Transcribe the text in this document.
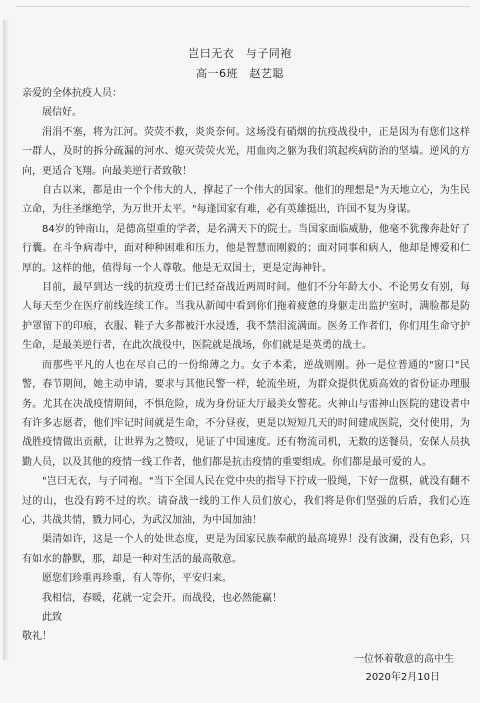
岂曰无衣　与子同袍
高一6班　赵艺聪

亲爱的全体抗疫人员：

展信好。

涓涓不塞，将为江河。荧荧不救，炎炎奈何。这场没有硝烟的抗疫战役中，正是因为有您们这样一群人，及时的拆分疏漏的河水、熄灭荧荧火光，用血肉之躯为我们筑起疾病防治的坚墙。逆风的方向，更适合飞翔。向最美逆行者致敬！

自古以来，都是由一个个伟大的人，撑起了一个伟大的国家。他们的理想是"为天地立心，为生民立命，为往圣继绝学，为万世开太平。"每逢国家有难，必有英雄挺出，许国不复为身谋。

84岁的钟南山，是德高望重的学者，是名满天下的院士。当国家面临威胁，他毫不犹豫奔赴好了行囊。在斗争病毒中，面对种种困难和压力，他是智慧而刚毅的；面对同事和病人，他却是博爱和仁厚的。这样的他，值得每一个人尊敬。他是无双国士，更是定海神针。

目前，最早到达一线的抗疫勇士们已经奋战近两周时间。他们不分年龄大小、不论男女有别，每人每天至少在医疗前线连续工作。当我从新闻中看到你们拖着疲惫的身躯走出监护室时，满脸都是防护罩留下的印痕，衣服、鞋子大多都被汗水浸透，我不禁泪流满面。医务工作者们，你们用生命守护生命，是最美逆行者，在此次战役中，医院就是战场，你们就是是英勇的战士。

而那些平凡的人也在尽自己的一份绵薄之力。女子本柔，逆战则刚。孙一是位普通的"窗口"民警，春节期间，她主动申请，要求与其他民警一样，轮流坐班，为群众提供优质高效的省份证办理服务。尤其在决战疫情期间，不惧危险，成为身份证大厅最美女警花。火神山与雷神山医院的建设者中有许多志愿者，他们牢记时间就是生命，不分昼夜，更是以短短几天的时间建成医院，交付使用，为战胜疫情做出贡献，让世界为之赞叹，见证了中国速度。还有物流司机，无数的送餐员，安保人员执勤人员，以及其他的疫情一线工作者，他们都是抗击疫情的重要组成。你们都是最可爱的人。

"岂曰无衣，与子同袍。"当下全国人民在党中央的指导下拧成一股绳，下好一盘棋，就没有翻不过的山，也没有跨不过的坎。请奋战一线的工作人员们放心，我们将是你们坚强的后盾，我们心连心，共战共情，戮力同心，为武汉加油，为中国加油！

渠清如许，这是一个人的处世态度，更是为国家民族奉献的最高境界！没有波澜，没有色彩，只有如水的静默，那，却是一种对生活的最高敬意。

愿您们珍重再珍重，有人等你，平安归来。

我相信，春暖，花就一定会开。而战役，也必然能赢！

此致

敬礼！

一位怀着敬意的高中生
2020年2月10日
